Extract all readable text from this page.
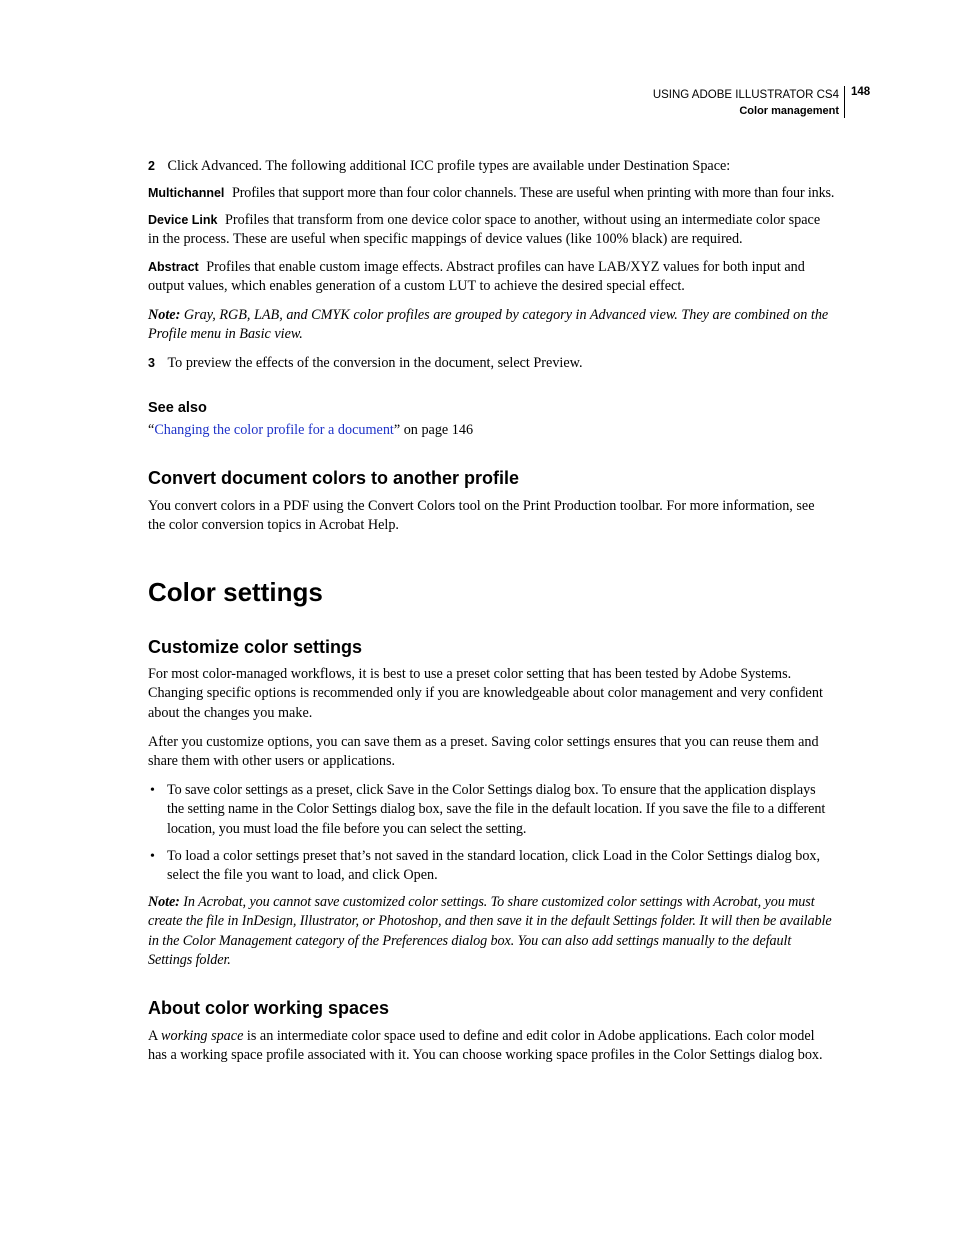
USING ADOBE ILLUSTRATOR CS4
Color management
148
2 Click Advanced. The following additional ICC profile types are available under Destination Space:
Multichannel Profiles that support more than four color channels. These are useful when printing with more than four inks.
Device Link Profiles that transform from one device color space to another, without using an intermediate color space
in the process. These are useful when specific mappings of device values (like 100% black) are required.
Abstract Profiles that enable custom image effects. Abstract profiles can have LAB/XYZ values for both input and
output values, which enables generation of a custom LUT to achieve the desired special effect.
Note: Gray, RGB, LAB, and CMYK color profiles are grouped by category in Advanced view. They are combined on the
Profile menu in Basic view.
3 To preview the effects of the conversion in the document, select Preview.
See also
“Changing the color profile for a document” on page 146
Convert document colors to another profile
You convert colors in a PDF using the Convert Colors tool on the Print Production toolbar. For more information, see
the color conversion topics in Acrobat Help.
Color settings
Customize color settings
For most color-managed workflows, it is best to use a preset color setting that has been tested by Adobe Systems.
Changing specific options is recommended only if you are knowledgeable about color management and very confident
about the changes you make.
After you customize options, you can save them as a preset. Saving color settings ensures that you can reuse them and
share them with other users or applications.
• To save color settings as a preset, click Save in the Color Settings dialog box. To ensure that the application displays
the setting name in the Color Settings dialog box, save the file in the default location. If you save the file to a different
location, you must load the file before you can select the setting.
• To load a color settings preset that’s not saved in the standard location, click Load in the Color Settings dialog box,
select the file you want to load, and click Open.
Note: In Acrobat, you cannot save customized color settings. To share customized color settings with Acrobat, you must
create the file in InDesign, Illustrator, or Photoshop, and then save it in the default Settings folder. It will then be available
in the Color Management category of the Preferences dialog box. You can also add settings manually to the default
Settings folder.
About color working spaces
A working space is an intermediate color space used to define and edit color in Adobe applications. Each color model
has a working space profile associated with it. You can choose working space profiles in the Color Settings dialog box.
